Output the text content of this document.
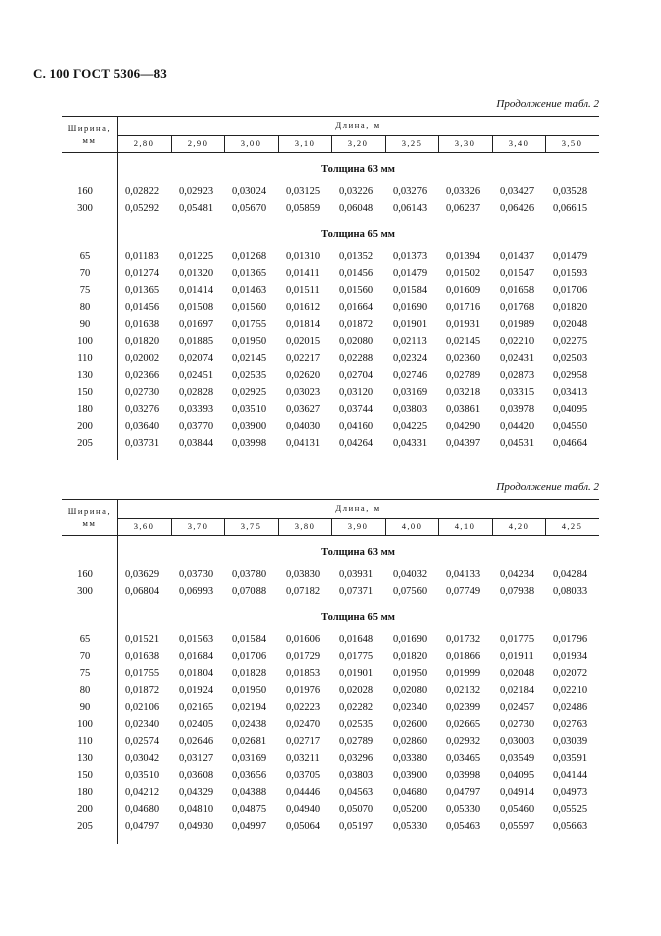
С. 100 ГОСТ 5306—83
Продолжение табл. 2
Ширина,
мм
Длина, м
2,80	2,90	3,00	3,10	3,20	3,25	3,30	3,40	3,50
Толщина 63 мм
160	0,02822 0,02923 0,03024 0,03125 0,03226 0,03276 0,03326 0,03427 0,03528
300	0,05292 0,05481 0,05670 0,05859 0,06048 0,06143 0,06237 0,06426 0,06615
Толщина 65 мм
65	0,01183 0,01225 0,01268 0,01310 0,01352 0,01373 0,01394 0,01437 0,01479
70	0,01274 0,01320 0,01365 0,01411 0,01456 0,01479 0,01502 0,01547 0,01593
75	0,01365 0,01414 0,01463 0,01511 0,01560 0,01584 0,01609 0,01658 0,01706
80	0,01456 0,01508 0,01560 0,01612 0,01664 0,01690 0,01716 0,01768 0,01820
90	0,01638 0,01697 0,01755 0,01814 0,01872 0,01901 0,01931 0,01989 0,02048
100	0,01820 0,01885 0,01950 0,02015 0,02080 0,02113 0,02145 0,02210 0,02275
110	0,02002 0,02074 0,02145 0,02217 0,02288 0,02324 0,02360 0,02431 0,02503
130	0,02366 0,02451 0,02535 0,02620 0,02704 0,02746 0,02789 0,02873 0,02958
150	0,02730 0,02828 0,02925 0,03023 0,03120 0,03169 0,03218 0,03315 0,03413
180	0,03276 0,03393 0,03510 0,03627 0,03744 0,03803 0,03861 0,03978 0,04095
200	0,03640 0,03770 0,03900 0,04030 0,04160 0,04225 0,04290 0,04420 0,04550
205	0,03731 0,03844 0,03998 0,04131 0,04264 0,04331 0,04397 0,04531 0,04664
Продолжение табл. 2
Ширина,
мм
Длина, м
3,60	3,70	3,75	3,80	3,90	4,00	4,10	4,20	4,25
Толщина 63 мм
160	0,03629 0,03730 0,03780 0,03830 0,03931 0,04032 0,04133 0,04234 0,04284
300	0,06804 0,06993 0,07088 0,07182 0,07371 0,07560 0,07749 0,07938 0,08033
Толщина 65 мм
65	0,01521 0,01563 0,01584 0,01606 0,01648 0,01690 0,01732 0,01775 0,01796
70	0,01638 0,01684 0,01706 0,01729 0,01775 0,01820 0,01866 0,01911 0,01934
75	0,01755 0,01804 0,01828 0,01853 0,01901 0,01950 0,01999 0,02048 0,02072
80	0,01872 0,01924 0,01950 0,01976 0,02028 0,02080 0,02132 0,02184 0,02210
90	0,02106 0,02165 0,02194 0,02223 0,02282 0,02340 0,02399 0,02457 0,02486
100	0,02340 0,02405 0,02438 0,02470 0,02535 0,02600 0,02665 0,02730 0,02763
110	0,02574 0,02646 0,02681 0,02717 0,02789 0,02860 0,02932 0,03003 0,03039
130	0,03042 0,03127 0,03169 0,03211 0,03296 0,03380 0,03465 0,03549 0,03591
150	0,03510 0,03608 0,03656 0,03705 0,03803 0,03900 0,03998 0,04095 0,04144
180	0,04212 0,04329 0,04388 0,04446 0,04563 0,04680 0,04797 0,04914 0,04973
200	0,04680 0,04810 0,04875 0,04940 0,05070 0,05200 0,05330 0,05460 0,05525
205	0,04797 0,04930 0,04997 0,05064 0,05197 0,05330 0,05463 0,05597 0,05663
